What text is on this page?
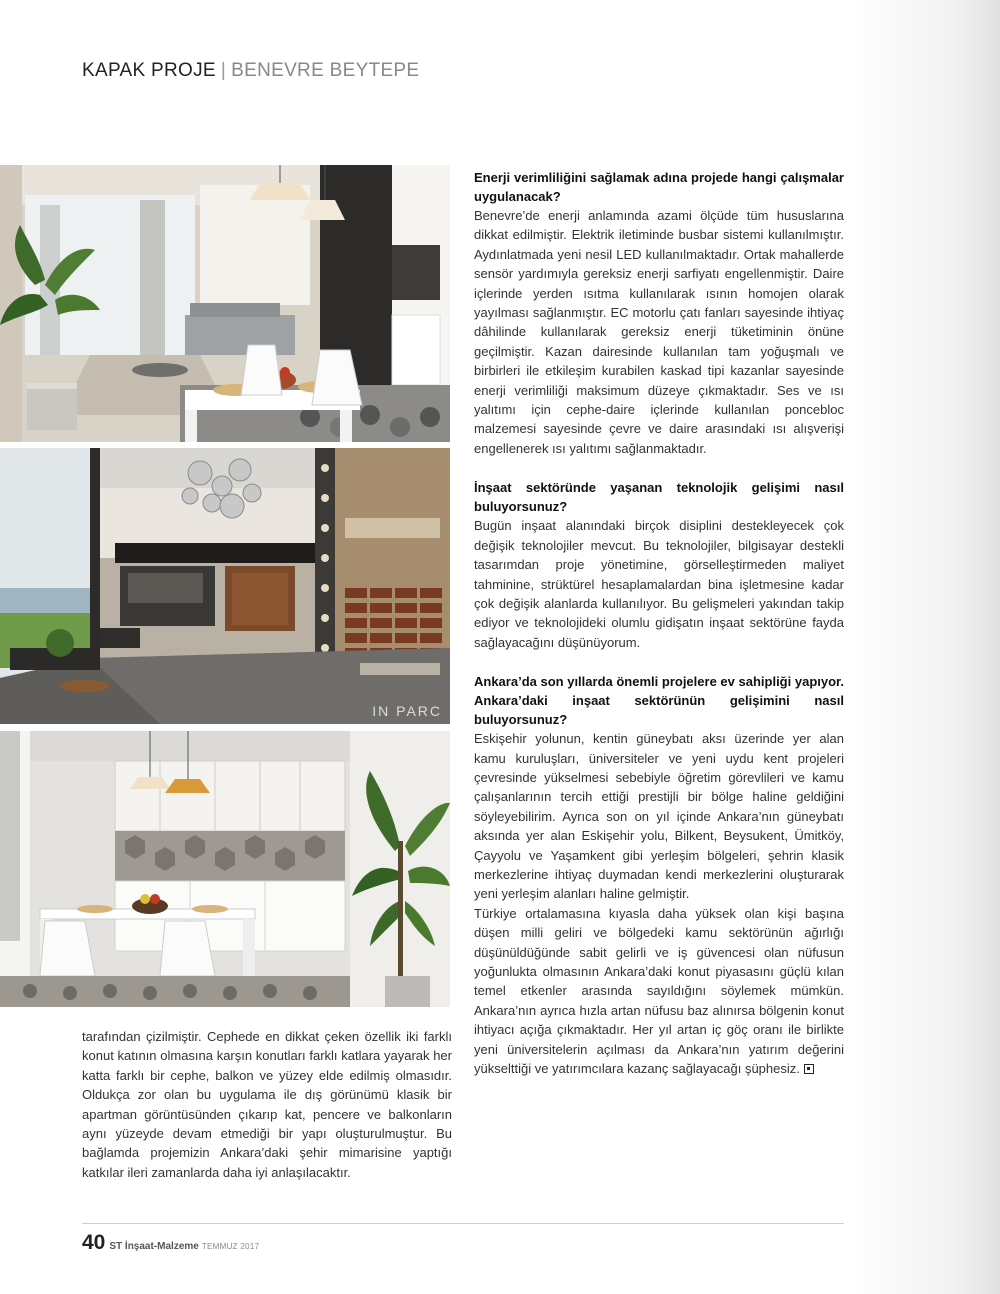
KAPAK PROJE | BENEVRE BEYTEPE
IN PARC

Enerji verimliliğini sağlamak adına projede hangi çalışmalar uygulanacak?

Benevre’de enerji anlamında azami ölçüde tüm hususlarına dikkat edilmiştir. Elektrik iletiminde busbar sistemi kullanılmıştır. Aydınlatmada yeni nesil LED kullanılmaktadır. Ortak mahallerde sensör yardımıyla gereksiz enerji sarfiyatı engellenmiştir. Daire içlerinde yerden ısıtma kullanılarak ısının homojen olarak yayılması sağlanmıştır. EC motorlu çatı fanları sayesinde ihtiyaç dâhilinde kullanılarak gereksiz enerji tüketiminin önüne geçilmiştir. Kazan dairesinde kullanılan tam yoğuşmalı ve birbirleri ile etkileşim kurabilen kaskad tipi kazanlar sayesinde enerji verimliliği maksimum düzeye çıkmaktadır. Ses ve ısı yalıtımı için cephe-daire içlerinde kullanılan poncebloc malzemesi sayesinde çevre ve daire arasındaki ısı alışverişi engellenerek ısı yalıtımı sağlanmaktadır.

İnşaat sektöründe yaşanan teknolojik gelişimi nasıl buluyorsunuz?

Bugün inşaat alanındaki birçok disiplini destekleyecek çok değişik teknolojiler mevcut. Bu teknolojiler, bilgisayar destekli tasarımdan proje yönetimine, görselleştirmeden maliyet tahminine, strüktürel hesaplamalardan bina işletmesine kadar çok değişik alanlarda kullanılıyor. Bu gelişmeleri yakından takip ediyor ve teknolojideki olumlu gidişatın inşaat sektörüne fayda sağlayacağını düşünüyorum.

Ankara’da son yıllarda önemli projelere ev sahipliği yapıyor. Ankara’daki inşaat sektörünün gelişimini nasıl buluyorsunuz?

Eskişehir yolunun, kentin güneybatı aksı üzerinde yer alan kamu kuruluşları, üniversiteler ve yeni uydu kent projeleri çevresinde yükselmesi sebebiyle öğretim görevlileri ve kamu çalışanlarının tercih ettiği prestijli bir bölge haline geldiğini söyleyebilirim. Ayrıca son on yıl içinde Ankara’nın güneybatı aksında yer alan Eskişehir yolu, Bilkent, Beysukent, Ümitköy, Çayyolu ve Yaşamkent gibi yerleşim bölgeleri, şehrin klasik merkezlerine ihtiyaç duymadan kendi merkezlerini oluşturarak yeni yerleşim alanları haline gelmiştir.

Türkiye ortalamasına kıyasla daha yüksek olan kişi başına düşen milli geliri ve bölgedeki kamu sektörünün ağırlığı düşünüldüğünde sabit gelirli ve iş güvencesi olan nüfusun yoğunlukta olmasının Ankara’daki konut piyasasını güçlü kılan temel etkenler arasında sayıldığını söylemek mümkün. Ankara’nın ayrıca hızla artan nüfusu baz alınırsa bölgenin konut ihtiyacı açığa çıkmaktadır. Her yıl artan iç göç oranı ile birlikte yeni üniversitelerin açılması da Ankara’nın yatırım değerini yükselttiği ve yatırımcılara kazanç sağlayacağı şüphesiz.

tarafından çizilmiştir. Cephede en dikkat çeken özellik iki farklı konut katının olmasına karşın konutları farklı katlara yayarak her katta farklı bir cephe, balkon ve yüzey elde edilmiş olmasıdır. Oldukça zor olan bu uygulama ile dış görünümü klasik bir apartman görüntüsünden çıkarıp kat, pencere ve balkonların aynı yüzeyde devam etmediği bir yapı oluşturulmuştur. Bu bağlamda projemizin Ankara’daki şehir mimarisine yaptığı katkılar ileri zamanlarda daha iyi anlaşılacaktır.

40 ST İnşaat-Malzeme TEMMUZ 2017
